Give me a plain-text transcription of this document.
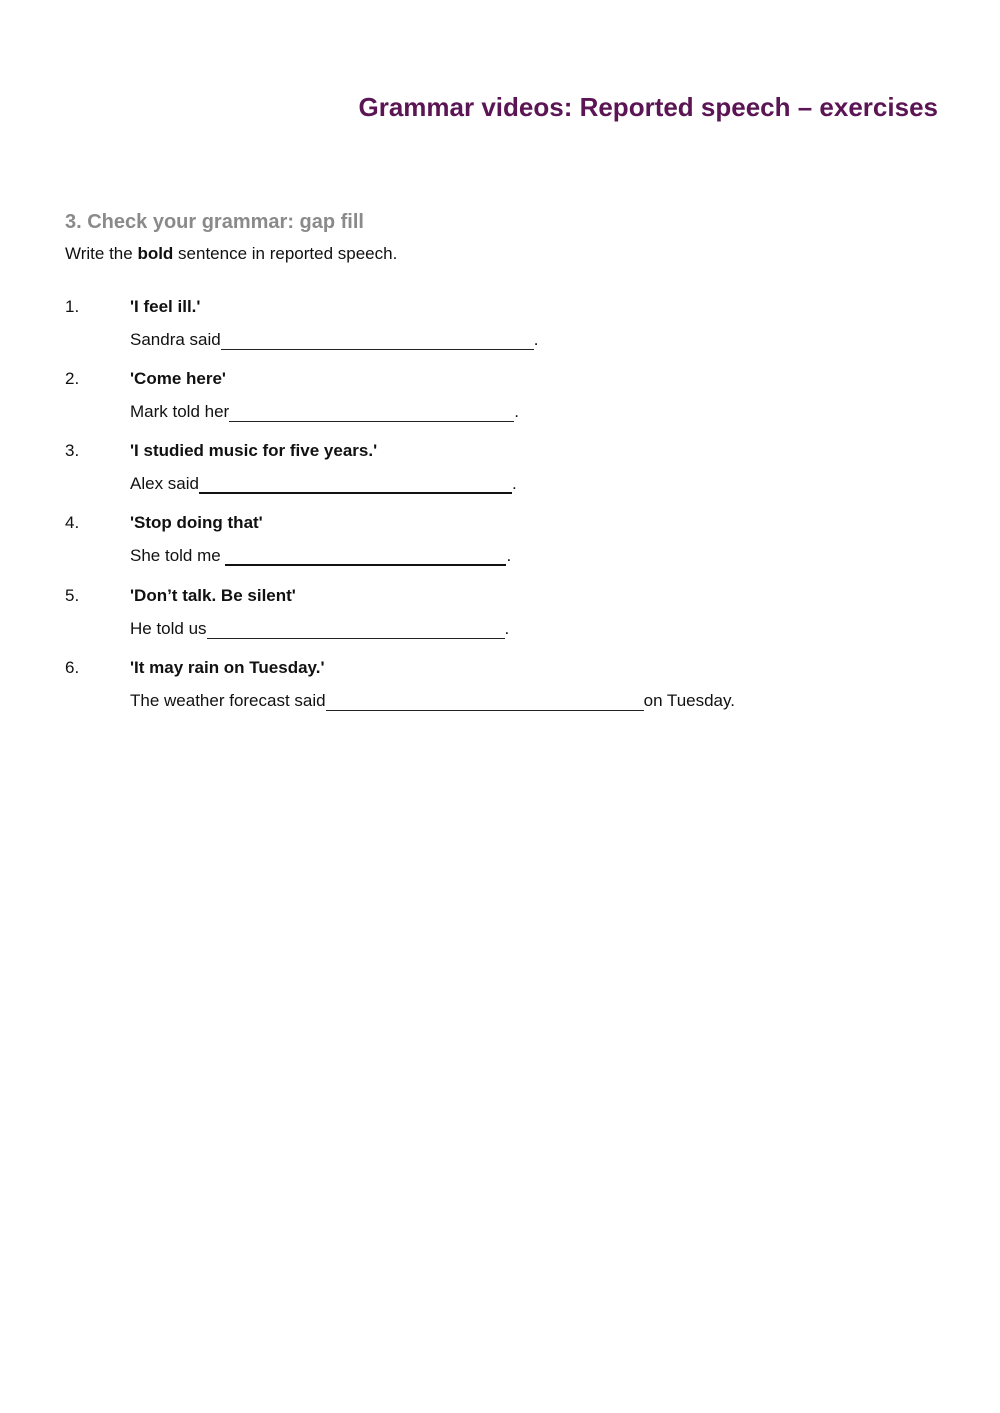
Grammar videos: Reported speech – exercises
3. Check your grammar: gap fill

Write the bold sentence in reported speech.

1.	'I feel ill.'
Sandra said	.
2.	'Come here'
Mark told her	.
3.	'I studied music for five years.'
Alex said	.
4.	'Stop doing that'
She told me	.
5.	'Don’t talk. Be silent'
He told us	.
6.	'It may rain on Tuesday.'
The weather forecast said	on Tuesday.
